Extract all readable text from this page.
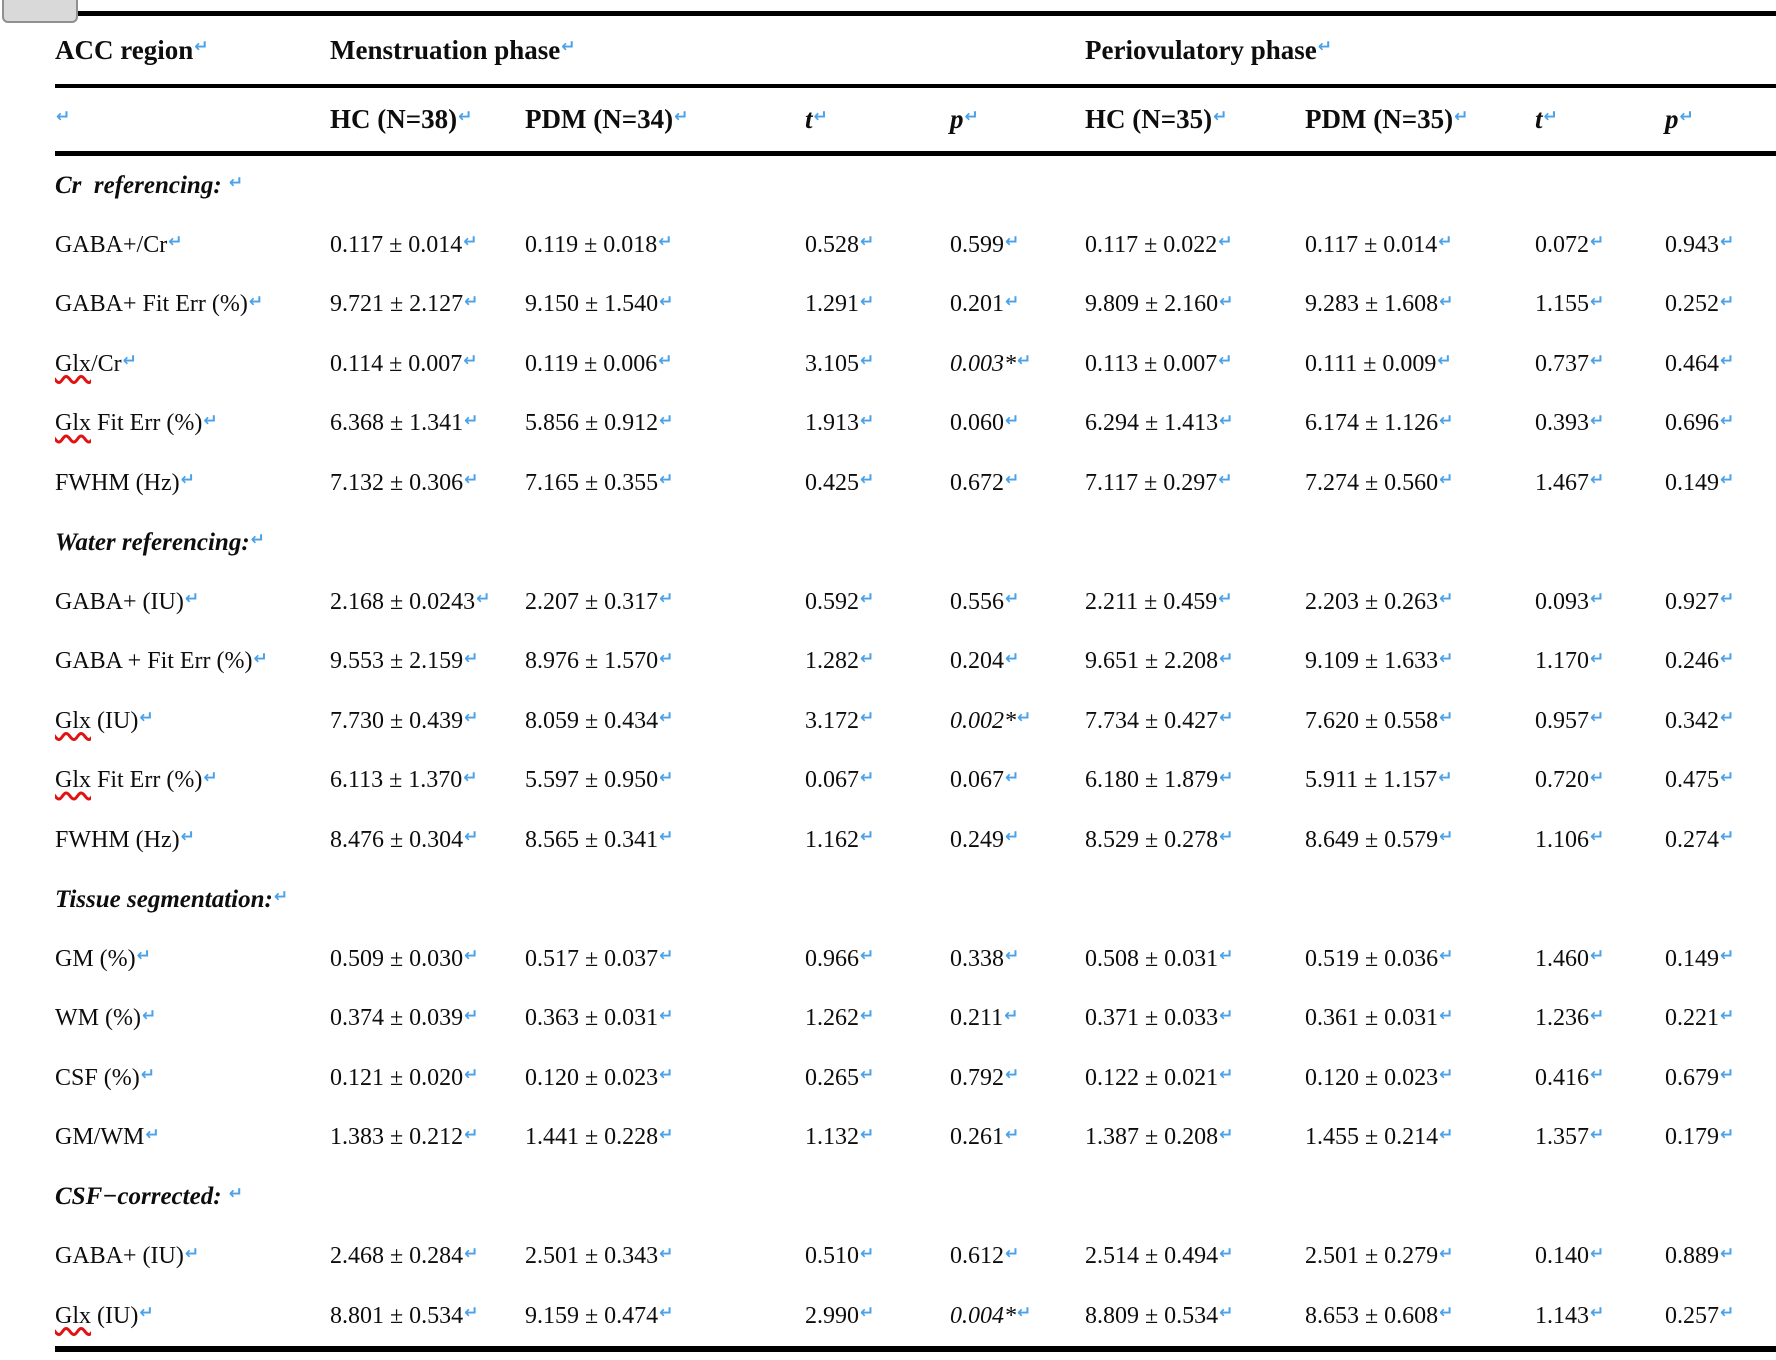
ACC region ↵	Menstruation phase ↵	Periovulatory phase ↵
↵	HC (N=38) ↵ PDM (N=34) ↵	t ↵	p ↵	HC (N=35) ↵	PDM (N=35) ↵ t ↵	p ↵
Cr  referencing: ↵
GABA+/Cr ↵	0.117 ± 0.014 ↵ 0.119 ± 0.018 ↵	0.528 ↵	0.599 ↵	0.117 ± 0.022 ↵	0.117 ± 0.014 ↵	0.072 ↵	0.943 ↵
GABA+ Fit Err (%) ↵	9.721 ± 2.127 ↵ 9.150 ± 1.540 ↵	1.291 ↵	0.201 ↵	9.809 ± 2.160 ↵	9.283 ± 1.608 ↵	1.155 ↵	0.252 ↵
Glx/Cr ↵	0.114 ± 0.007 ↵ 0.119 ± 0.006 ↵	3.105 ↵	0.003* ↵ 0.113 ± 0.007 ↵	0.111 ± 0.009 ↵	0.737 ↵	0.464 ↵
Glx Fit Err (%) ↵	6.368 ± 1.341 ↵ 5.856 ± 0.912 ↵	1.913 ↵	0.060 ↵	6.294 ± 1.413 ↵	6.174 ± 1.126 ↵	0.393 ↵	0.696 ↵
FWHM (Hz) ↵	7.132 ± 0.306 ↵ 7.165 ± 0.355 ↵	0.425 ↵	0.672 ↵	7.117 ± 0.297 ↵	7.274 ± 0.560 ↵	1.467 ↵	0.149 ↵
Water referencing: ↵
GABA+ (IU) ↵	2.168 ± 0.0243 ↵ 2.207 ± 0.317 ↵	0.592 ↵	0.556 ↵	2.211 ± 0.459 ↵	2.203 ± 0.263 ↵	0.093 ↵	0.927 ↵
GABA + Fit Err (%) ↵	9.553 ± 2.159 ↵ 8.976 ± 1.570 ↵	1.282 ↵	0.204 ↵	9.651 ± 2.208 ↵	9.109 ± 1.633 ↵	1.170 ↵	0.246 ↵
Glx (IU) ↵	7.730 ± 0.439 ↵ 8.059 ± 0.434 ↵	3.172 ↵	0.002* ↵ 7.734 ± 0.427 ↵	7.620 ± 0.558 ↵	0.957 ↵	0.342 ↵
Glx Fit Err (%) ↵	6.113 ± 1.370 ↵ 5.597 ± 0.950 ↵	0.067 ↵	0.067 ↵	6.180 ± 1.879 ↵	5.911 ± 1.157 ↵	0.720 ↵	0.475 ↵
FWHM (Hz) ↵	8.476 ± 0.304 ↵ 8.565 ± 0.341 ↵	1.162 ↵	0.249 ↵	8.529 ± 0.278 ↵	8.649 ± 0.579 ↵	1.106 ↵	0.274 ↵
Tissue segmentation: ↵
GM (%) ↵	0.509 ± 0.030 ↵ 0.517 ± 0.037 ↵	0.966 ↵	0.338 ↵	0.508 ± 0.031 ↵	0.519 ± 0.036 ↵	1.460 ↵	0.149 ↵
WM (%) ↵	0.374 ± 0.039 ↵ 0.363 ± 0.031 ↵	1.262 ↵	0.211 ↵	0.371 ± 0.033 ↵	0.361 ± 0.031 ↵	1.236 ↵	0.221 ↵
CSF (%) ↵	0.121 ± 0.020 ↵ 0.120 ± 0.023 ↵	0.265 ↵	0.792 ↵	0.122 ± 0.021 ↵	0.120 ± 0.023 ↵	0.416 ↵	0.679 ↵
GM/WM ↵	1.383 ± 0.212 ↵ 1.441 ± 0.228 ↵	1.132 ↵	0.261 ↵	1.387 ± 0.208 ↵	1.455 ± 0.214 ↵	1.357 ↵	0.179 ↵
CSF−corrected: ↵
GABA+ (IU) ↵	2.468 ± 0.284 ↵ 2.501 ± 0.343 ↵	0.510 ↵	0.612 ↵	2.514 ± 0.494 ↵	2.501 ± 0.279 ↵	0.140 ↵	0.889 ↵
Glx (IU) ↵	8.801 ± 0.534 ↵ 9.159 ± 0.474 ↵	2.990 ↵	0.004* ↵ 8.809 ± 0.534 ↵	8.653 ± 0.608 ↵	1.143 ↵	0.257 ↵
